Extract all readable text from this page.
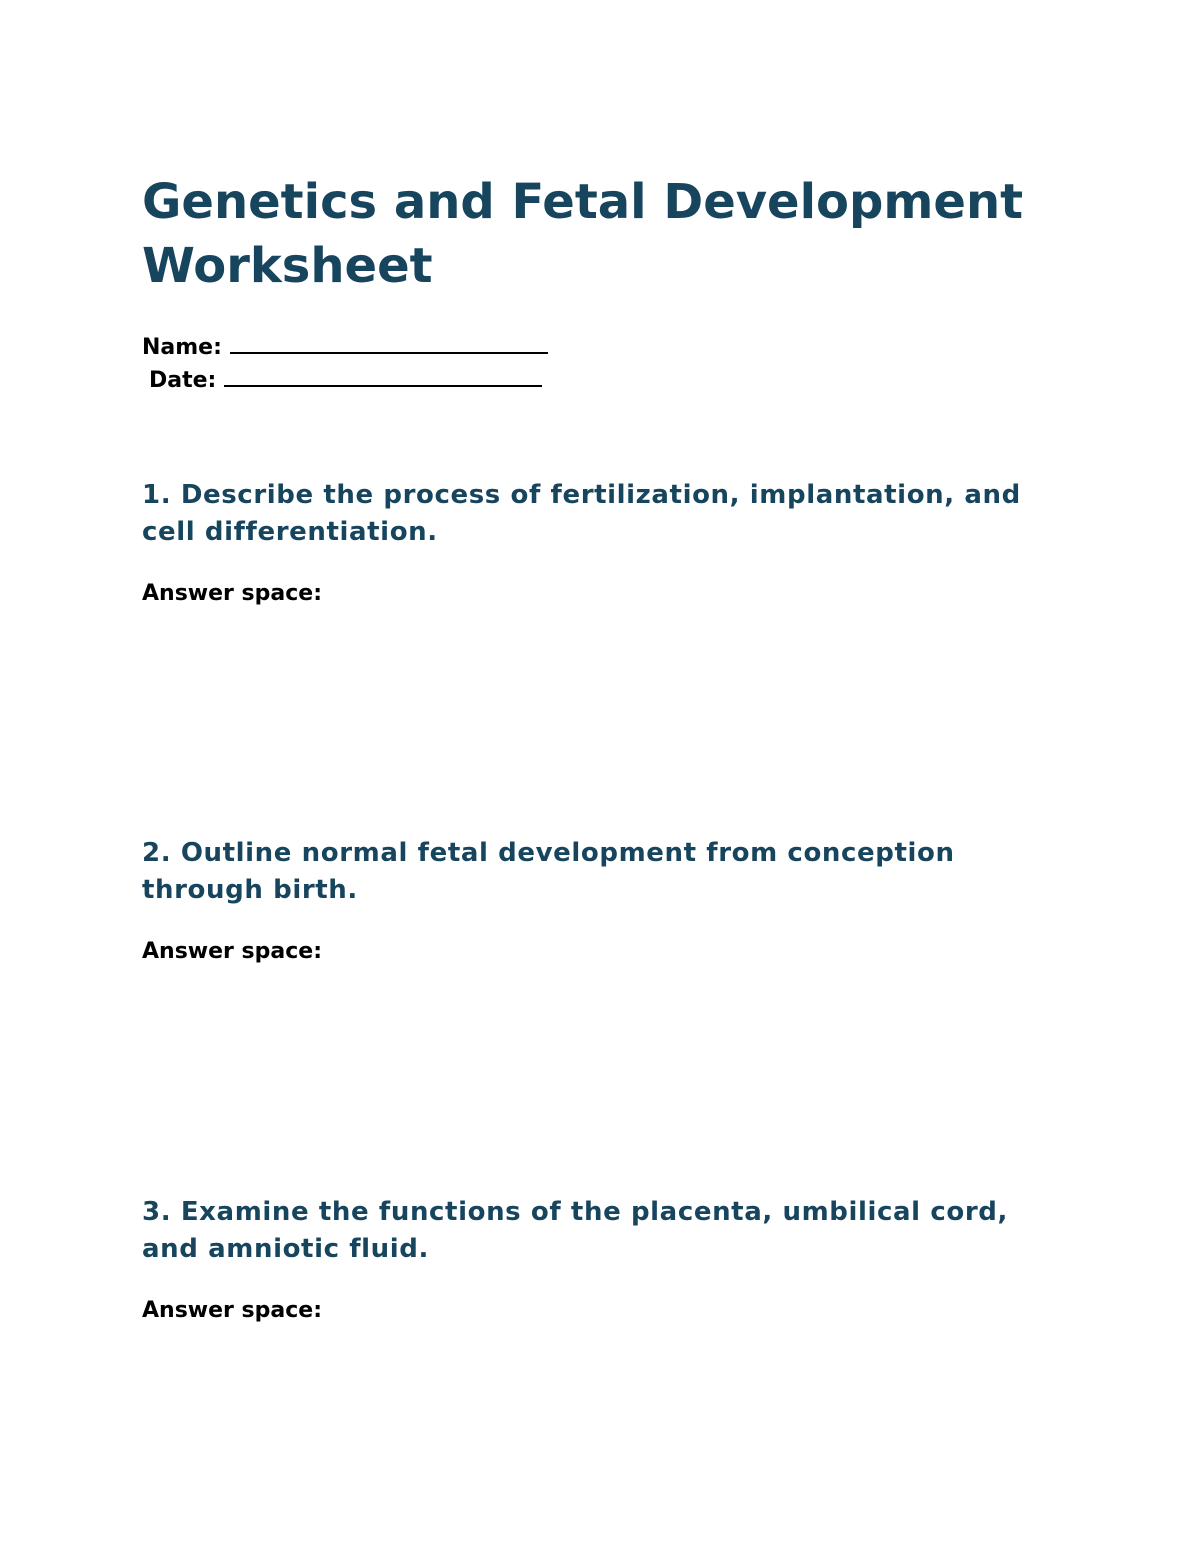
Genetics and Fetal Development Worksheet
Name:
Date:

1. Describe the process of fertilization, implantation, and cell differentiation.

Answer space:

2. Outline normal fetal development from conception through birth.

Answer space:

3. Examine the functions of the placenta, umbilical cord, and amniotic fluid.

Answer space:
